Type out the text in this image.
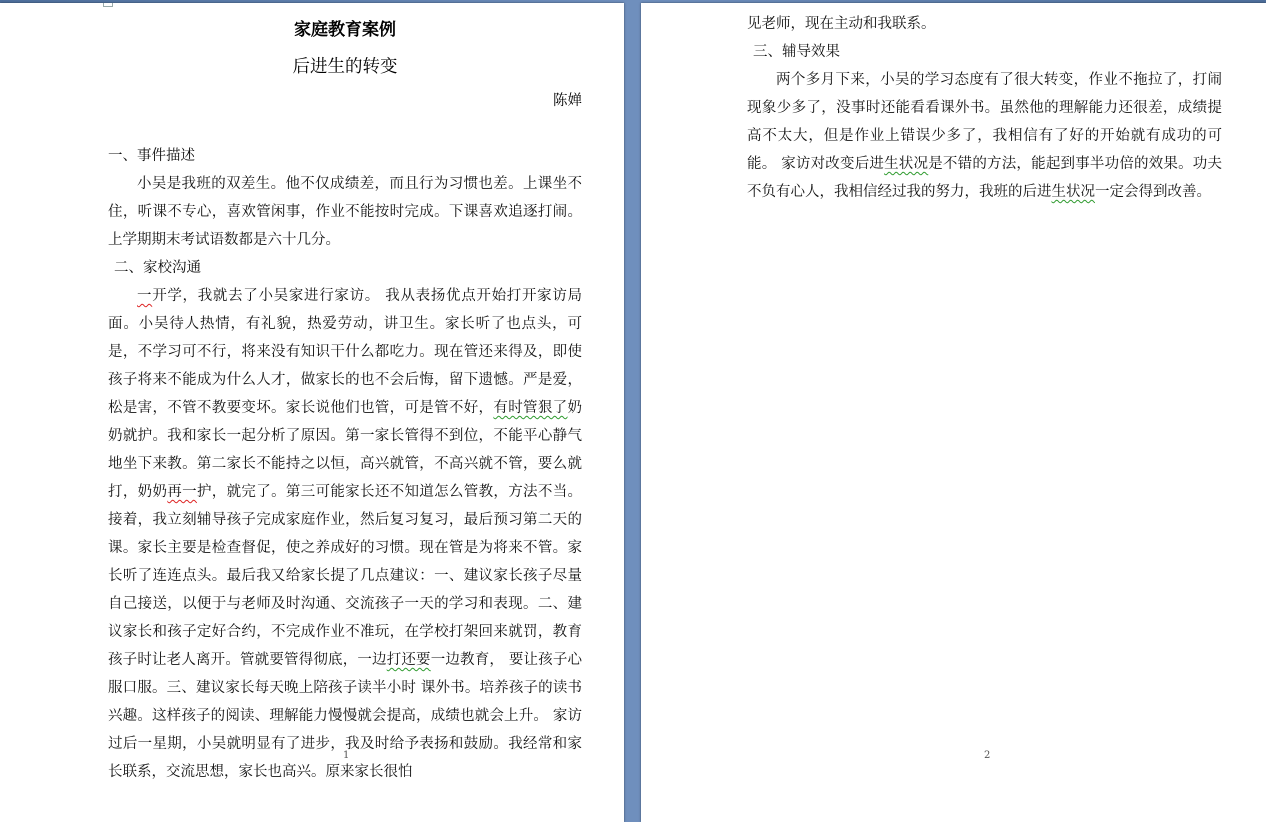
家庭教育案例
后进生的转变
陈婵

一、事件描述

小吴是我班的双差生。他不仅成绩差，而且行为习惯也差。上课坐不住，听课不专心，喜欢管闲事，作业不能按时完成。下课喜欢追逐打闹。上学期期末考试语数都是六十几分。

二、家校沟通

一开学，我就去了小吴家进行家访。 我从表扬优点开始打开家访局面。小吴待人热情，有礼貌，热爱劳动，讲卫生。家长听了也点头，可是，不学习可不行，将来没有知识干什么都吃力。现在管还来得及，即使孩子将来不能成为什么人才，做家长的也不会后悔，留下遗憾。严是爱，松是害，不管不教要变坏。家长说他们也管，可是管不好，有时管狠了奶奶就护。我和家长一起分析了原因。第一家长管得不到位，不能平心静气地坐下来教。第二家长不能持之以恒，高兴就管，不高兴就不管，要么就打，奶奶再一护，就完了。第三可能家长还不知道怎么管教，方法不当。接着，我立刻辅导孩子完成家庭作业，然后复习复习，最后预习第二天的课。家长主要是检查督促，使之养成好的习惯。现在管是为将来不管。家长听了连连点头。最后我又给家长提了几点建议：一、建议家长孩子尽量自己接送，以便于与老师及时沟通、交流孩子一天的学习和表现。二、建议家长和孩子定好合约，不完成作业不准玩，在学校打架回来就罚，教育孩子时让老人离开。管就要管得彻底，一边打还要一边教育， 要让孩子心服口服。三、建议家长每天晚上陪孩子读半小时 课外书。培养孩子的读书兴趣。这样孩子的阅读、理解能力慢慢就会提高，成绩也就会上升。 家访过后一星期，小吴就明显有了进步，我及时给予表扬和鼓励。我经常和家长联系，交流思想，家长也高兴。原来家长很怕

1

见老师，现在主动和我联系。

三、辅导效果

两个多月下来，小吴的学习态度有了很大转变，作业不拖拉了，打闹现象少多了，没事时还能看看课外书。虽然他的理解能力还很差，成绩提高不太大，但是作业上错误少多了，我相信有了好的开始就有成功的可能。 家访对改变后进生状况是不错的方法，能起到事半功倍的效果。功夫不负有心人，我相信经过我的努力，我班的后进生状况一定会得到改善。

2
